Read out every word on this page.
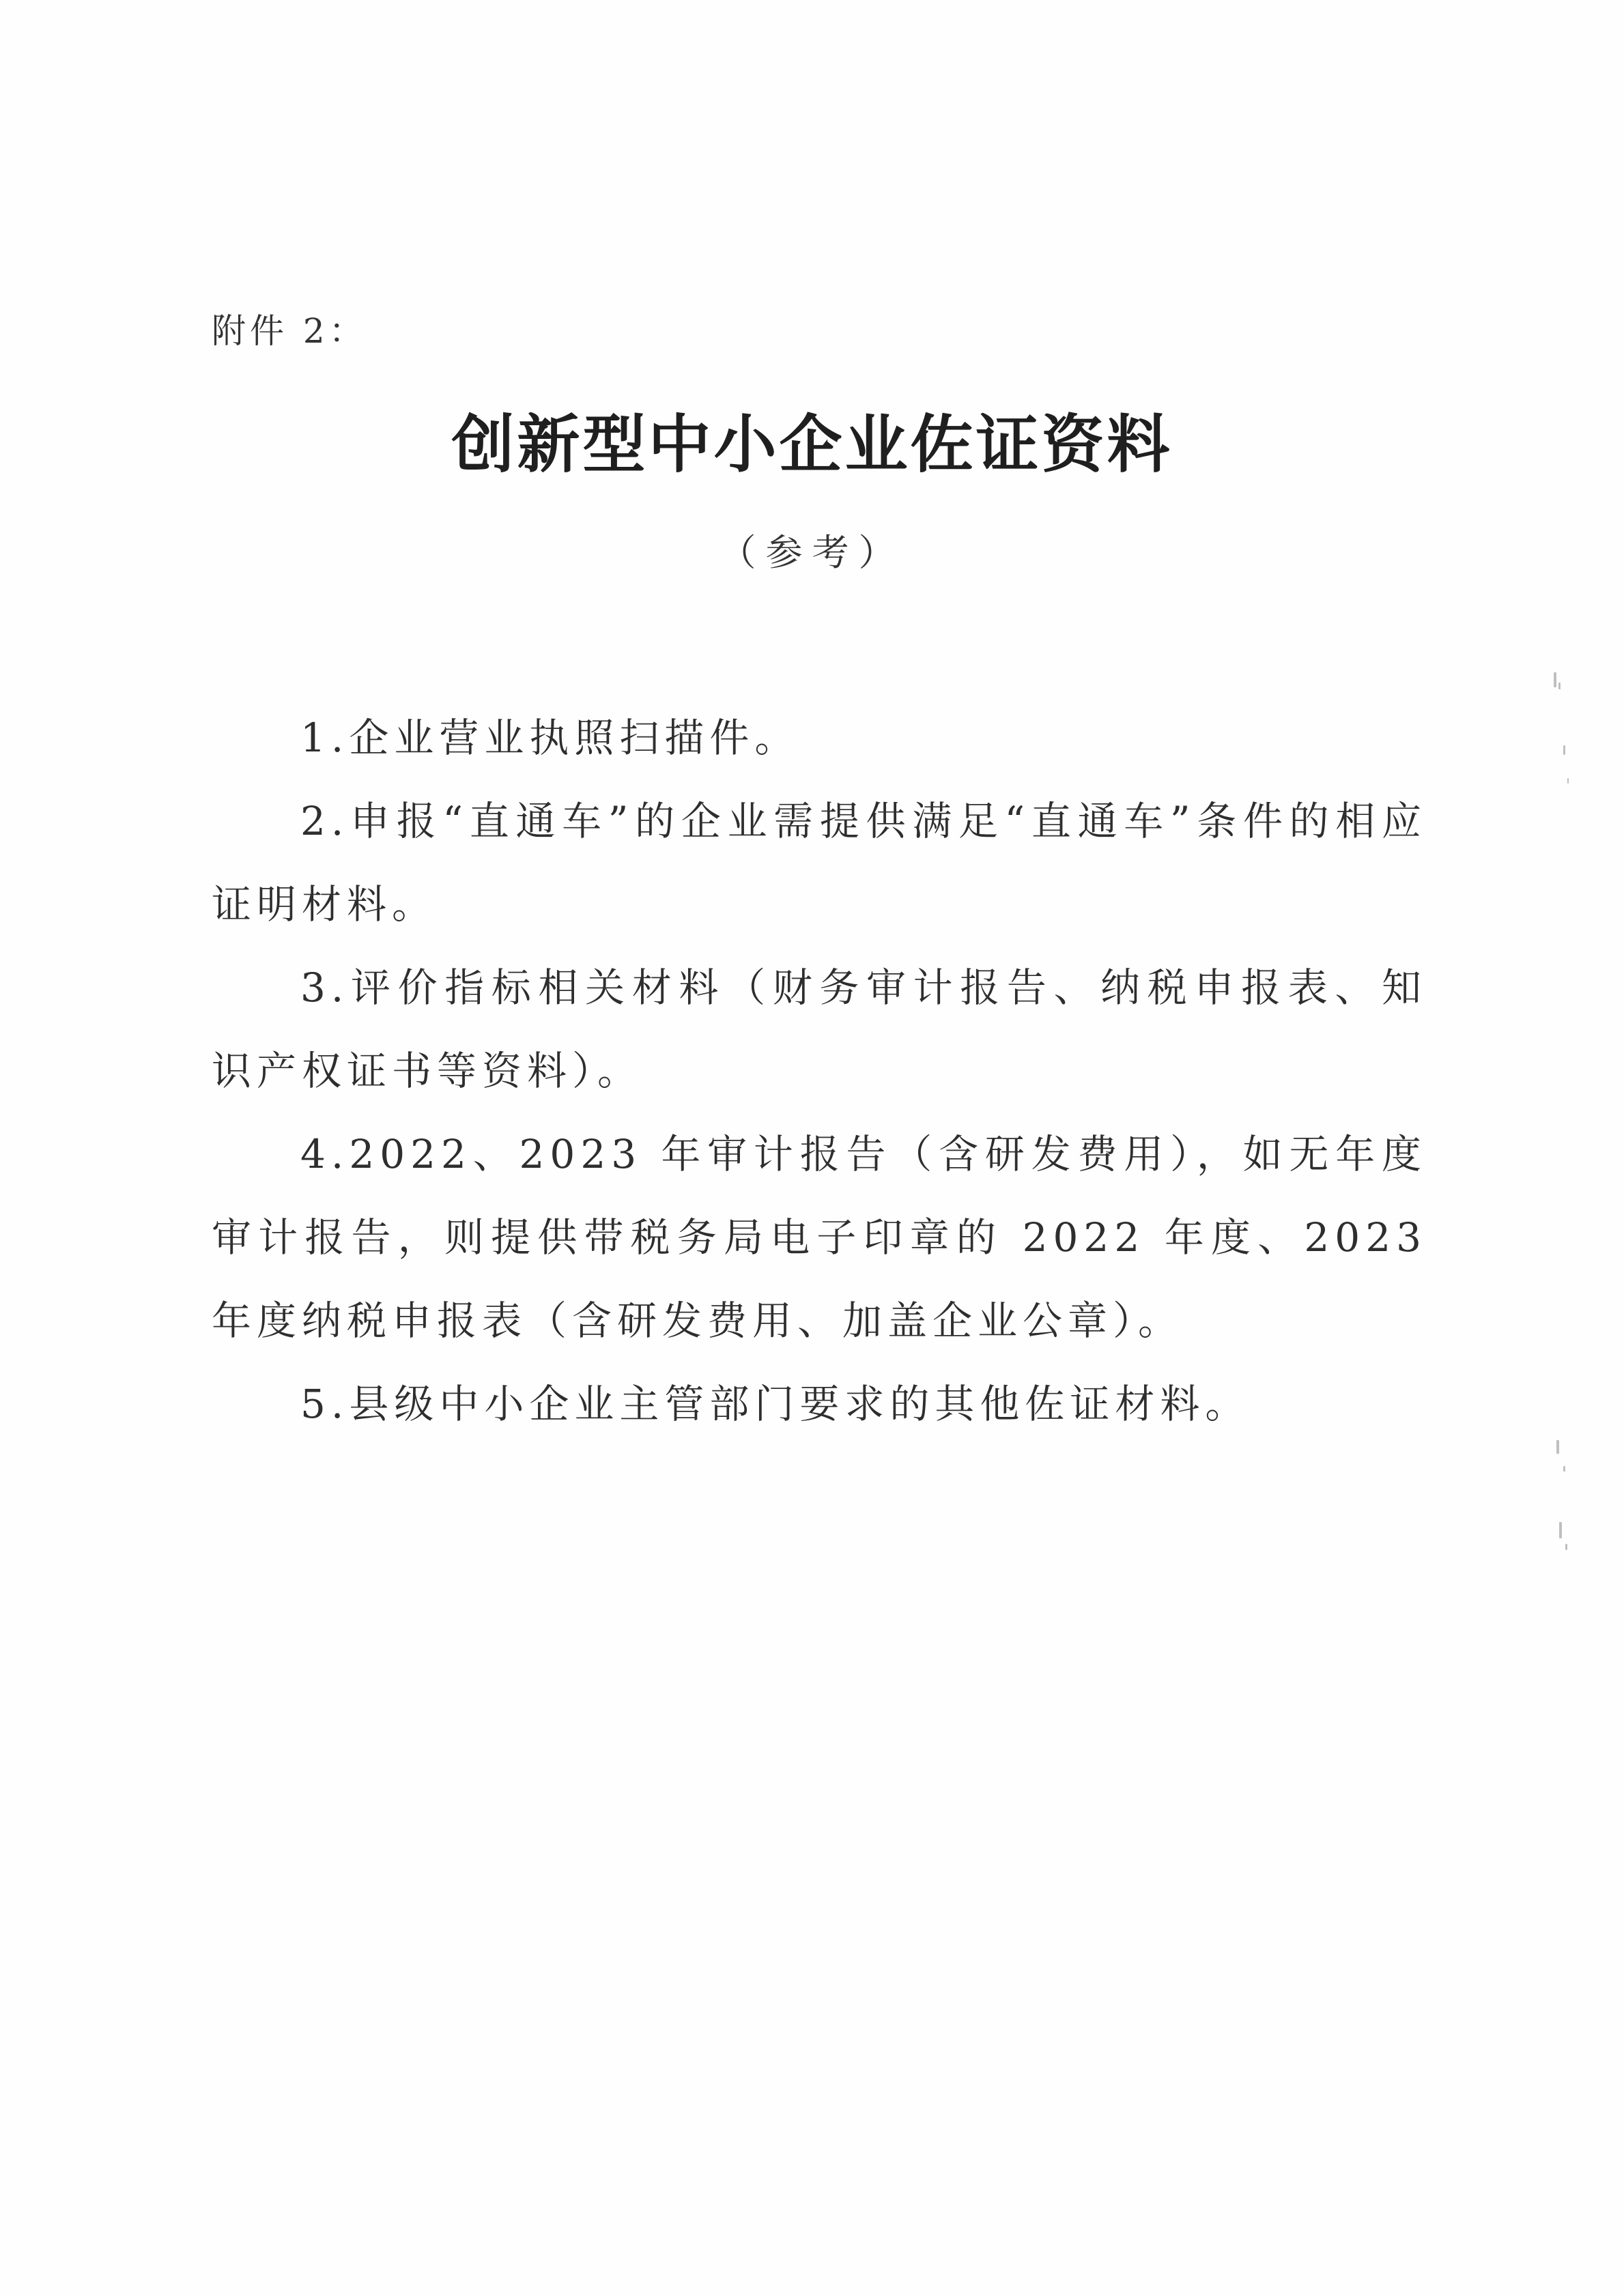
附件 2：
创新型中小企业佐证资料
（参考）
1.企业营业执照扫描件。
2.申报“直通车”的企业需提供满足“直通车”条件的相应证明材料。
3.评价指标相关材料（财务审计报告、纳税申报表、知识产权证书等资料）。
4.2022、2023 年审计报告（含研发费用），如无年度审计报告，则提供带税务局电子印章的 2022 年度、2023 年度纳税申报表（含研发费用、加盖企业公章）。
5.县级中小企业主管部门要求的其他佐证材料。
